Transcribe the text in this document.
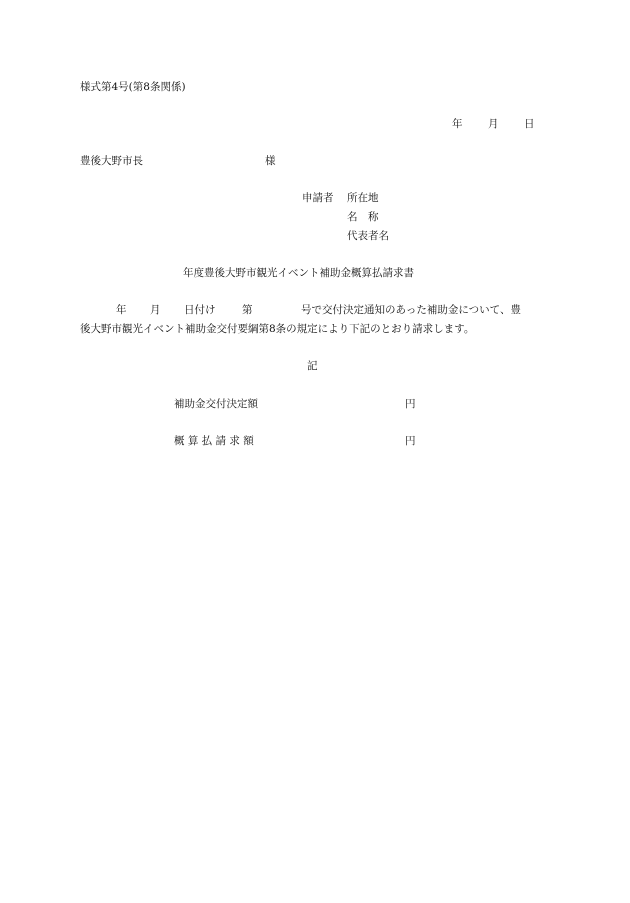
様式第4号(第8条関係)
年 月 日
豊後大野市長	様
申請者 所在地
名　称
代表者名
年度豊後大野市観光イベント補助金概算払請求書
年 月 日付け	第	号で交付決定通知のあった補助金について、豊
後大野市観光イベント補助金交付要綱第8条の規定により下記のとおり請求します。
記
補助金交付決定額	円
概 算 払 請 求 額	円
